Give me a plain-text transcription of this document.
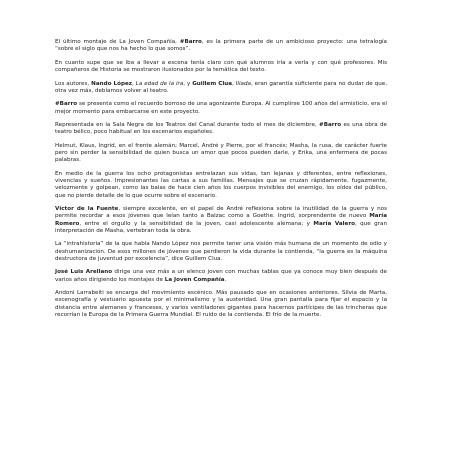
El último montaje de La Joven Compañía, #Barro, es la primera parte de un ambicioso proyecto: una tetralogía “sobre el siglo que nos ha hecho lo que somos”.

En cuanto supe que se iba a llevar a escena tenía claro con qué alumnos iría a verla y con qué profesores. Mis compañeros de Historia se mostraron ilusionados por la temática del texto.

Los autores, Nando López, La edad de la ira, y Guillem Clua, Iliada, eran garantía suficiente para no dudar de que, otra vez más, debíamos volver al teatro.

#Barro se presenta como el recuerdo borroso de una agonizante Europa. Al cumplirse 100 años del armisticio, era el mejor momento para embarcarse en este proyecto.

Representada en la Sala Negra de los Teatros del Canal durante todo el mes de diciembre, #Barro es una obra de teatro bélico, poco habitual en los escenarios españoles.

Helmut, Klaus, Ingrid, en el frente alemán; Marcel, André y Pierre, por el francés; Masha, la rusa, de carácter fuerte pero sin perder la sensibilidad de quien busca un amor que pocos pueden darle, y Erika, una enfermera de pocas palabras.

En medio de la guerra los ocho protagonistas entrelazan sus vidas, tan lejanas y diferentes, entre reflexiones, vivencias y sueños. Impresionantes las cartas a sus familias. Mensajes que se cruzan rápidamente, fugazmente, velozmente y golpean, como las balas de hace cien años los cuerpos invisibles del enemigo, los oídos del público, que no pierde detalle de lo que ocurre sobre el escenario.

Víctor de la Fuente, siempre excelente, en el papel de André reflexiona sobre la inutilidad de la guerra y nos permite recordar a esos jóvenes que leían tanto a Balzac como a Goethe. Ingrid, sorprendente de nuevo María Romero, entre el orgullo y la sensibilidad de la joven, casi adolescente alemana; y María Valero, que gran interpretación de Masha, vertebran toda la obra.

La “intrahistoria” de la que habla Nando López nos permite tener una visión más humana de un momento de odio y deshumanización. De esos millones de jóvenes que perdieron la vida durante la contienda, “la guerra es la máquina destructora de juventud por excelencia”, dice Guillem Clua.

José Luis Arellano dirige una vez más a un elenco joven con muchas tablas que ya conoce muy bien después de varios años dirigiendo los montajes de La Joven Compañía.

Andoni Larrabeiti se encarga del movimiento escénico. Más pausado que en ocasiones anteriores. Silvia de Marta, escenografía y vestuario apuesta por el minimalismo y la austeridad. Una gran pantalla para fijar el espacio y la distancia entre alemanes y franceses, y varios ventiladores gigantes para hacernos partícipes de las trincheras que recorrían la Europa de la Primera Guerra Mundial. El ruido de la contienda. El frío de la muerte.
